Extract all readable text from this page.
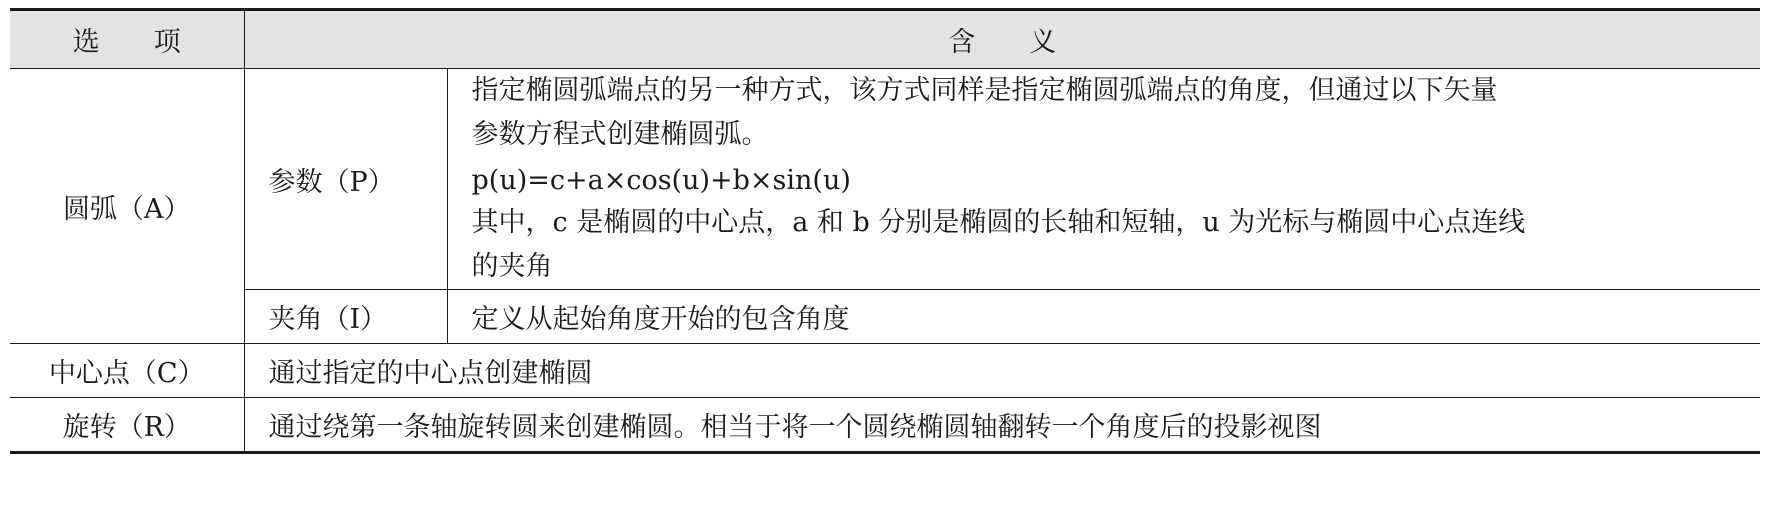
选　　项	含　　义	
圆弧（A）	参数（P）	指定椭圆弧端点的另一种方式，该方式同样是指定椭圆弧端点的角度，但通过以下矢量
参数方程式创建椭圆弧。
p(u)=c+a×cos(u)+b×sin(u)
其中，c 是椭圆的中心点，a 和 b 分别是椭圆的长轴和短轴，u 为光标与椭圆中心点连线
的夹角

	夹角（I）	定义从起始角度开始的包含角度
中心点（C）	通过指定的中心点创建椭圆	
旋转（R）	通过绕第一条轴旋转圆来创建椭圆。相当于将一个圆绕椭圆轴翻转一个角度后的投影视图	
